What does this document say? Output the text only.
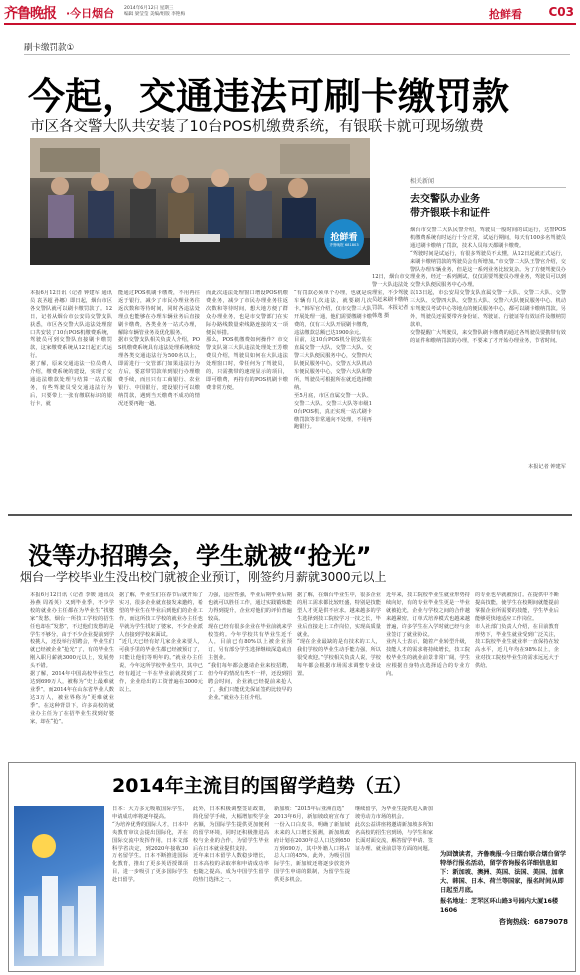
齐鲁晚报 ·今日烟台 2014年6月12日 星期三
编辑 梁莹莹 美编/组版 李艳梅	抢鲜看 C03
刷卡缴罚款①
今起，交通违法可刷卡缴罚款
市区各交警大队共安装了10台POS机缴费系统，有银联卡就可现场缴费
抢鲜看
齐鲁晚报 681803
12日，烟台市交警一大队违法处理室，不少驾驶员赶来刷卡缴纳罚款。本报记者 韩逸 摄
本报6月12日讯（记者 钟建军 通讯员 袁圣超 孙娜）即日起，烟台市区各交警队就可以刷卡缴罚款了。12日，记者从烟台市公安局交警支队获悉，市区各交警大队违法处理窗口共安装了10台POS机缴费系统，驾驶员可到交警队直接刷卡缴罚款，这家缴费系统从12日起正式运行。
据了解，原来交通违法一位员费人介绍，缴费系统的建设，实现了交通违法缴款处理与结算一站式服务，有些驾驶员受交通违法行为后，只要带上一张有缴联标识的银行卡，就
能通过POS机刷卡缴费，不用再往返于银行，减少了市民办理业务往返次数和等待时间，同时各违法处理点也能够在办理车辆业务后直接刷卡缴费，各类业务一站式办理，解除车辆管业务及优化服务。
据市交警支队相关负责人介绍，POS机缴费系统具有违法处理系统和处理各类交通违法行为500名以上，即需进行一交管部门如果违法行为方后，要意带罚款单到银行办理缴费手续，而且只有工商银行、农业银行、中国银行，建设银行可以缴纳罚款，遇到当天缴费不成功的情况还要再跑一趟。
而此次违法处理窗口增设POS机缴费业务，减少了市民办理业务往返次数和等待时间，想大地方便了群众办理业务，也是市交警部门在实际办路线数量索线路连接的又一项便民举措。
那么，POS机缴费如何操作？市交警支队第三大队违法处理处王芳缴费员介绍，驾驶员如何在大队违法处理窗口时，带任何为了驾驶员，的，只需携带的速现显示的项目，即可缴费，再持有的POS机刷卡缴费非常方便。
“有罚款必须单个办理，也就是说车辆有几次违法，就要刷几次卡。”韩军官介绍，仅市交警三大队开展处理一通，他们需要缴刷卡缴费的，仅有三大队开展刷卡缴费，违法缴款总额已达1900余元。
目前，这10台POS机分别安装在直属交警一大队、交警二大队、交警三大队便民服务中心，交警四大队便民服务中心，交警五大队机动车便民服务中心，交警六大队和警所，驾驶员可根据所在就近选择缴纳。
至5月底，市区直属交警一大队、交警二大队、交警三大队等市级10台POS机，真正实现一站式刷卡缴罚款等非常通向不处理，不用再跑银行。
相关新闻
去交警队办业务
带齐银联卡和证件
烟台市交警二大队民警介绍，驾驶员一般时间的试运行，达警POS机缴费系统有时运行十分正常，试运行期间，每天有100多名驾驶员通过刷卡缴纳了罚款，技术人员每天都刷卡缴费。
“驾驶时间是试运行，有很多驾驶员不太懂，从12日起就正式运行，来刷卡缴纳罚款的驾驶员会有所增加。”市交警二大队王警官介绍，交警队办理车辆业务，但是这一系列业务比较复杂。为了方便驾驶员办理业务，经过一系列测试，仅仅需要驾驶员办理业务，驾驶员可以到交警大队便民服务中心办理。
以13日起，市公安局交警支队直属交警一大队、交警二大队、交警三大队、交警四大队、交警五大队、交警六大队便民服务中心、机动车驾驶员考试中心等地点的便民服务中心，都可以刷卡缴纳罚款。另外，驾驶员还需要带齐身份证、驾驶证、行驶证等有效证件及缴纳罚款单。
交警提醒广大驾驶员，来交警队刷卡缴费的通过各驾驶员要携带有效的证件和缴纳罚款的办理，不要来了才开始办理业务，节省时间。
本报记者 钟建军
没等办招聘会，学生就被“抢光”
烟台一学校毕业生没出校门就被企业预订，刚签约月薪就3000元以上
本报6月12日讯（记者 李媛 通讯员 孙燕 周希英）又到毕业季，不少学校的就业办主任都在为毕业生“找婆家”发愁，烟台一所技工学校的招生任也却在“发愁”，不过他们发愁的是学生不够分，由于不少企业提前到学校挑人，还没举行招聘会，毕业生们就已经被企业“抢光”了，有的毕业生刚入职月薪就3000元以上，发展势头不错。
据了解，2014年中国高校毕业生已达到699万人，被称为“史上最难就业季”，而2014年在山东省毕业人数达3万人，被业界称为“更难就业季”。在这种背景下，许多高校的就业办主任为了在招毕业生找到好婆家，却在“抢”。
据了解，毕业生们在春节后就开始了实习，很多企业就直接发来邀约，希望的毕业生在毕业后到他们的企业工作，而这所技工学校的就业办主任也早就为学生找好了婆家，不少企业派人直接到学校来面试。
“近几天已经有好几家企业来要人，可我手里的毕业生都已经被预订了，只能让他们等明年的。”就业办主任说，今年这所学校毕业生中，其中已经有超过一半在毕业前就找到了工作，企业给出的工资普遍在3000元以上。
力强，适应性强，毕业后期毕业后期也就可以胜任工作，通过实践锻炼能力得到提升，企业对他们的评价普遍较高。
现在已经有很多企业在毕业前就来学校签约。今年学校共有毕业生近千人，目前已有80%以上被企业预订，另有部分学生选择继续深造或自主创业。
“我们每年都会邀请企业来校招聘，但今年的情况有些不一样，还没到招聘会时间，企业就已经提前来抢人了，我们只能优先保证签约比较早的企业。”就业办主任介绍。
据了解，在烟台毕业生中，很多企业的用工需求都比较旺盛，特别是技能型人才更是供不应求。越来越多的学生选择到技工院校学习一技之长，毕业后直接走上工作岗位，实现高质量就业。
“现在企业最缺的是有技术的工人，我们学校的毕业生动手能力强，所以很受欢迎。”学校相关负责人说，学校每年都会根据市场需求调整专业设置。
近年来，技工院校毕业生就业形势持续向好，有的专业毕业生更是一毕业就被抢光，企业与学校之间的合作越来越紧密，订单式培养模式也越来越普遍，许多学生在入学时就已经与企业签订了就业协议。
业内人士表示，随着产业转型升级，技能人才的需求将持续增长，技工院校毕业生的就业前景非常广阔，学生应根据自身特点选择适合的专业方向。
的专业也早就被预订。在提供中不断提高技能，使学生在校期间就能提前掌握企业所需要的技能，学生毕业后能够更快地适应工作岗位。
市人社部门负责人介绍，在目前教育形势下，毕业生就业受到广泛关注，技工院校毕业生就业率一直保持在较高水平，近几年均在98%以上，企业对技工院校毕业生的需求远远大于供给。
2014年主流目的国留学趋势（五）
日本：大力多元吸收国际学生，申请成功率将逐年提高。
“为培养优秀的国际人才，日本中央教育审议会提出国际化，并在国际交流中发挥作用，日本文部科学省决定，到2020年接收30万名留学生。日本不断推进国际化教育，推出了更多英语授课项目，进一步吸引了更多国际学生赴日留学。
此外，日本积极调整签证政策，简化留学手续，大幅增加奖学金名额，为国际学生提供更加便利的留学环境，同时还积极推进高校与企业的合作，为留学生毕业后在日本就业提供支持。
近年来日本留学人数稳步增长，日本高校的录取率和申请成功率也随之提高，成为中国学生留学的热门选择之一。
新加坡：“2015年后亚洲首选”
2013年6月，新加坡政府宣布了一份入口白皮书，明确了新加坡未来的人口增长预测，新加坡政府计划在2030年总人口达到650万到690万，其中外籍人口将占总人口的45%，此外，为吸引国际学生，新加坡还将逐步放宽外国学生申请的限制，为留学生提供更多机会。
继续留学，为毕业生提供进入新加坡劳动力市场的机会。
此次公益讲座将邀请新加坡多所知名高校的招生官到场，与学生和家长面对面交流，解答留学申请、签证办理、就业前景等方面的问题。
为回馈读者，齐鲁晚报·今日烟台联合烟台留学特举行报名活动，留学咨询报名详细信息如下：新加坡、澳洲、英国、法国、美国、加拿大、韩国、日本、荷兰等国家，报名时间从即日起至月底。
报名地址：芝罘区环山路3号园内大厦16楼1606
咨询热线：6879078
